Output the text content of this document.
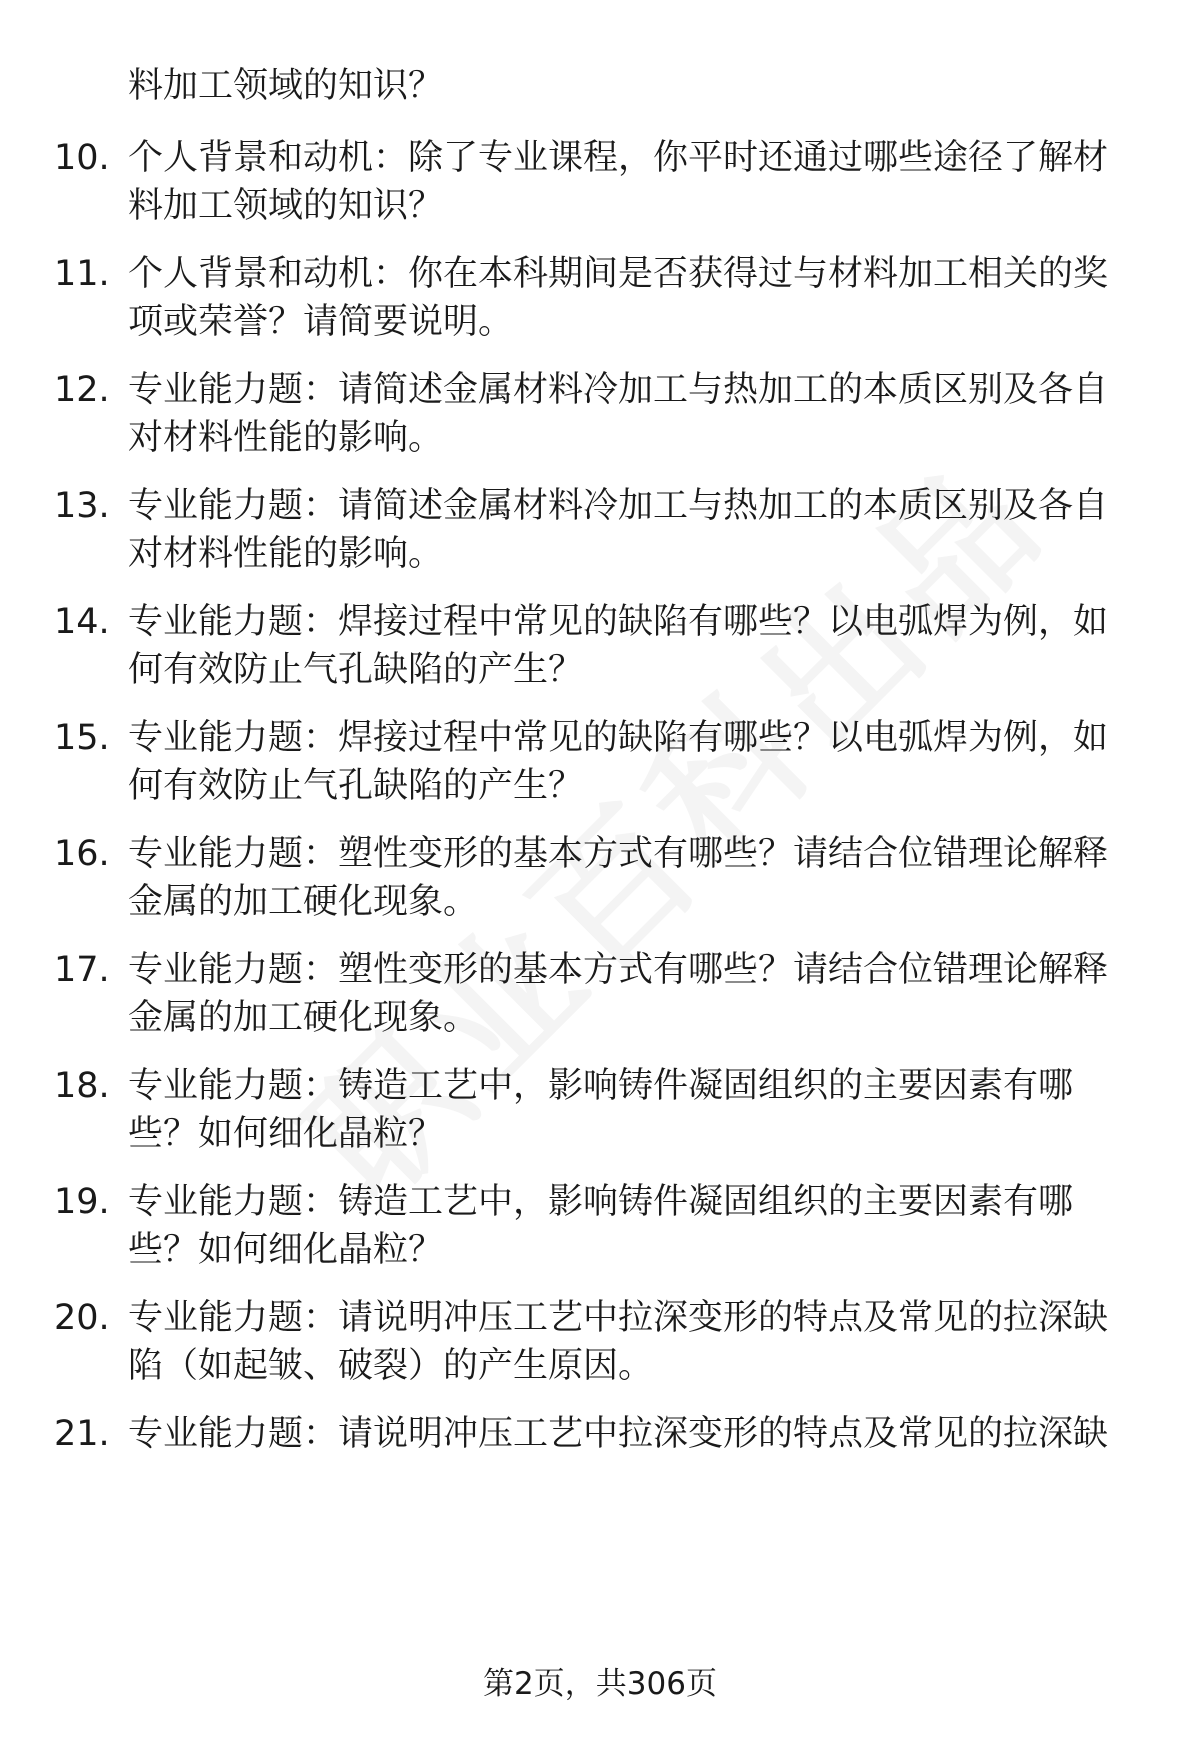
料加工领域的知识？
10. 个人背景和动机：除了专业课程，你平时还通过哪些途径了解材
料加工领域的知识？
11. 个人背景和动机：你在本科期间是否获得过与材料加工相关的奖
项或荣誉？请简要说明。
12. 专业能力题：请简述金属材料冷加工与热加工的本质区别及各自
对材料性能的影响。
13. 专业能力题：请简述金属材料冷加工与热加工的本质区别及各自
对材料性能的影响。
14. 专业能力题：焊接过程中常见的缺陷有哪些？以电弧焊为例，如
何有效防止气孔缺陷的产生？
15. 专业能力题：焊接过程中常见的缺陷有哪些？以电弧焊为例，如
何有效防止气孔缺陷的产生？
16. 专业能力题：塑性变形的基本方式有哪些？请结合位错理论解释
金属的加工硬化现象。
17. 专业能力题：塑性变形的基本方式有哪些？请结合位错理论解释
金属的加工硬化现象。
18. 专业能力题：铸造工艺中，影响铸件凝固组织的主要因素有哪
些？如何细化晶粒？
19. 专业能力题：铸造工艺中，影响铸件凝固组织的主要因素有哪
些？如何细化晶粒？
20. 专业能力题：请说明冲压工艺中拉深变形的特点及常见的拉深缺
陷（如起皱、破裂）的产生原因。
21. 专业能力题：请说明冲压工艺中拉深变形的特点及常见的拉深缺
第2页，共306页
